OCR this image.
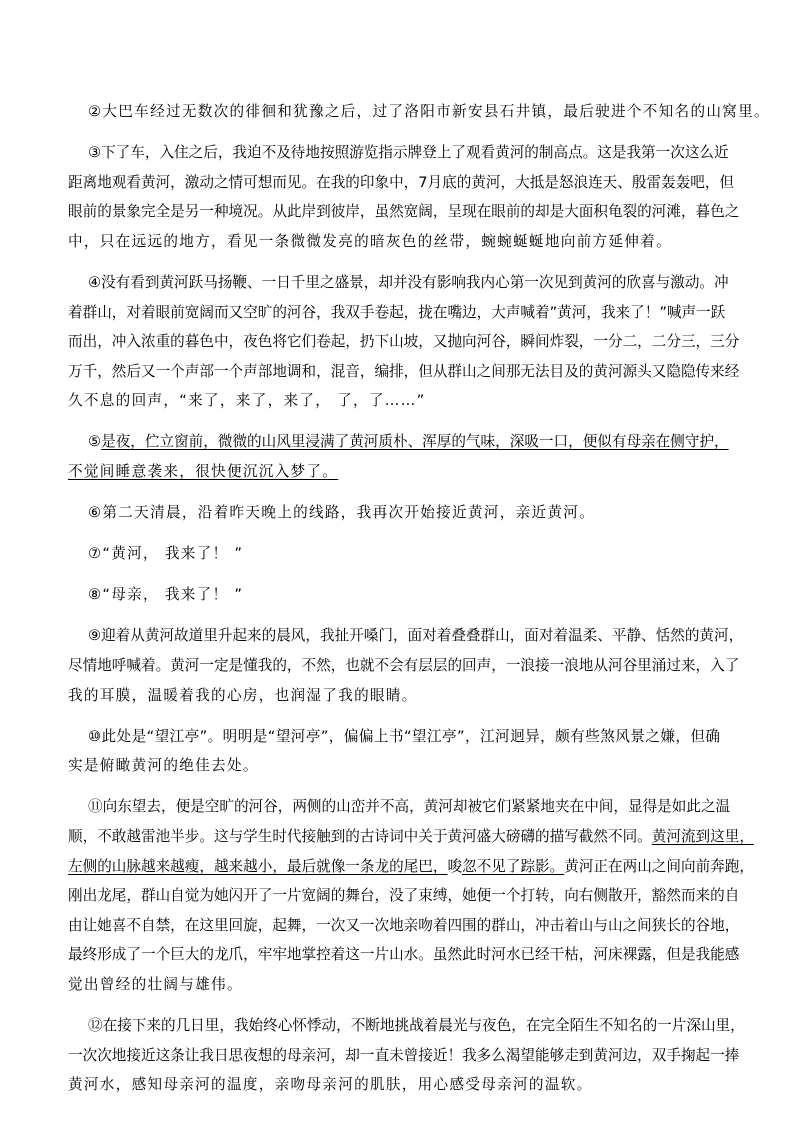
②大巴车经过无数次的徘徊和犹豫之后，过了洛阳市新安县石井镇，最后驶进个不知名的山窝里。
③下了车，入住之后，我迫不及待地按照游览指示牌登上了观看黄河的制高点。这是我第一次这么近
距离地观看黄河，激动之情可想而见。在我的印象中，7月底的黄河，大抵是怒浪连天、殷雷轰轰吧，但
眼前的景象完全是另一种境况。从此岸到彼岸，虽然宽阔，呈现在眼前的却是大面积龟裂的河滩，暮色之
中，只在远远的地方，看见一条微微发亮的暗灰色的丝带，蜿蜿蜒蜒地向前方延伸着。
④没有看到黄河跃马扬鞭、一日千里之盛景，却并没有影响我内心第一次见到黄河的欣喜与激动。冲
着群山，对着眼前宽阔而又空旷的河谷，我双手卷起，拢在嘴边，大声喊着”黄河，我来了！”喊声一跃
而出，冲入浓重的暮色中，夜色将它们卷起，扔下山坡，又抛向河谷，瞬间炸裂，一分二，二分三，三分
万千，然后又一个声部一个声部地调和，混音，编排，但从群山之间那无法目及的黄河源头又隐隐传来经
久不息的回声，“来了，来了，来了， 了，了……”
⑤是夜，伫立窗前，微微的山风里浸满了黄河质朴、浑厚的气味，深吸一口，便似有母亲在侧守护，
不觉间睡意袭来，很快便沉沉入梦了。
⑥第二天清晨，沿着昨天晚上的线路，我再次开始接近黄河，亲近黄河。
⑦“黄河， 我来了！ ”
⑧“母亲， 我来了！ ”
⑨迎着从黄河故道里升起来的晨风，我扯开嗓门，面对着叠叠群山，面对着温柔、平静、恬然的黄河，
尽情地呼喊着。黄河一定是懂我的，不然，也就不会有层层的回声，一浪接一浪地从河谷里涌过来，入了
我的耳膜，温暖着我的心房，也润湿了我的眼睛。
⑩此处是“望江亭”。明明是“望河亭”，偏偏上书“望江亭”，江河迥异，颇有些煞风景之嫌，但确
实是俯瞰黄河的绝佳去处。
⑪向东望去，便是空旷的河谷，两侧的山峦并不高，黄河却被它们紧紧地夹在中间，显得是如此之温
顺，不敢越雷池半步。这与学生时代接触到的古诗词中关于黄河盛大磅礴的描写截然不同。黄河流到这里，
左侧的山脉越来越瘦，越来越小，最后就像一条龙的尾巴，唆忽不见了踪影。黄河正在两山之间向前奔跑，
刚出龙尾，群山自觉为她闪开了一片宽阔的舞台，没了束缚，她便一个打转，向右侧散开，豁然而来的自
由让她喜不自禁，在这里回旋，起舞，一次又一次地亲吻着四围的群山，冲击着山与山之间狭长的谷地，
最终形成了一个巨大的龙爪，牢牢地掌控着这一片山水。虽然此时河水已经干枯，河床裸露，但是我能感
觉出曾经的壮阔与雄伟。
⑫在接下来的几日里，我始终心怀悸动，不断地挑战着晨光与夜色，在完全陌生不知名的一片深山里，
一次次地接近这条让我日思夜想的母亲河，却一直未曾接近！我多么渴望能够走到黄河边，双手掬起一捧
黄河水，感知母亲河的温度，亲吻母亲河的肌肤，用心感受母亲河的温软。
